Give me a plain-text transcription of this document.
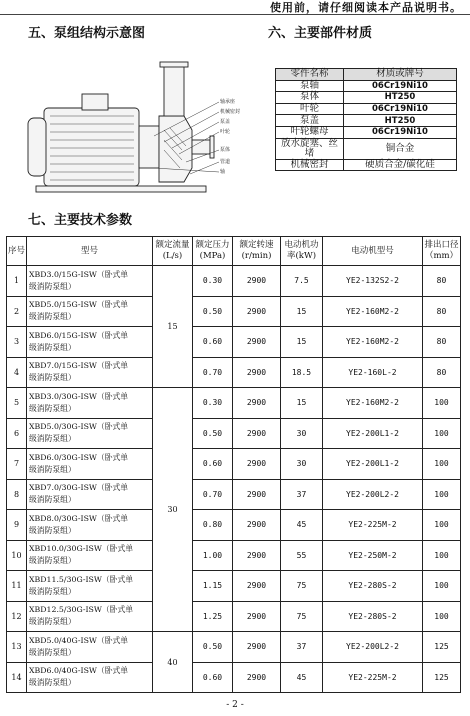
使用前，请仔细阅读本产品说明书。
五、泵组结构示意图	六、主要部件材质
轴承座
机械密封
泵盖
叶轮
泵体
管道
轴
零件名称	材质或牌号
泵轴	06Cr19Ni10
泵体	HT250
叶轮	06Cr19Ni10
泵盖	HT250
叶轮螺母	06Cr19Ni10
放水旋塞、丝堵	铜合金
机械密封	硬质合金/碳化硅
七、主要技术参数
序号	型号	额定流量(L/s)	额定压力(MPa)	额定转速(r/min)	电动机功率(kW)	电动机型号	排出口径（mm）
1	XBD3.0/15G-ISW（卧式单
级消防泵组）	15	0.30	2900	7.5	YE2-132S2-2	80
2	XBD5.0/15G-ISW（卧式单
级消防泵组）		0.50	2900	15	YE2-160M2-2	80
3	XBD6.0/15G-ISW（卧式单
级消防泵组）		0.60	2900	15	YE2-160M2-2	80
4	XBD7.0/15G-ISW（卧式单
级消防泵组）		0.70	2900	18.5	YE2-160L-2	80
5	XBD3.0/30G-ISW（卧式单
级消防泵组）	30	0.30	2900	15	YE2-160M2-2	100
6	XBD5.0/30G-ISW（卧式单
级消防泵组）		0.50	2900	30	YE2-200L1-2	100
7	XBD6.0/30G-ISW（卧式单
级消防泵组）		0.60	2900	30	YE2-200L1-2	100
8	XBD7.0/30G-ISW（卧式单
级消防泵组）		0.70	2900	37	YE2-200L2-2	100
9	XBD8.0/30G-ISW（卧式单
级消防泵组）		0.80	2900	45	YE2-225M-2	100
10	XBD10.0/30G-ISW（卧式单
级消防泵组）		1.00	2900	55	YE2-250M-2	100
11	XBD11.5/30G-ISW（卧式单
级消防泵组）		1.15	2900	75	YE2-280S-2	100
12	XBD12.5/30G-ISW（卧式单
级消防泵组）		1.25	2900	75	YE2-280S-2	100
13	XBD5.0/40G-ISW（卧式单
级消防泵组）	40	0.50	2900	37	YE2-200L2-2	125
14	XBD6.0/40G-ISW（卧式单
级消防泵组）		0.60	2900	45	YE2-225M-2	125
- 2 -
